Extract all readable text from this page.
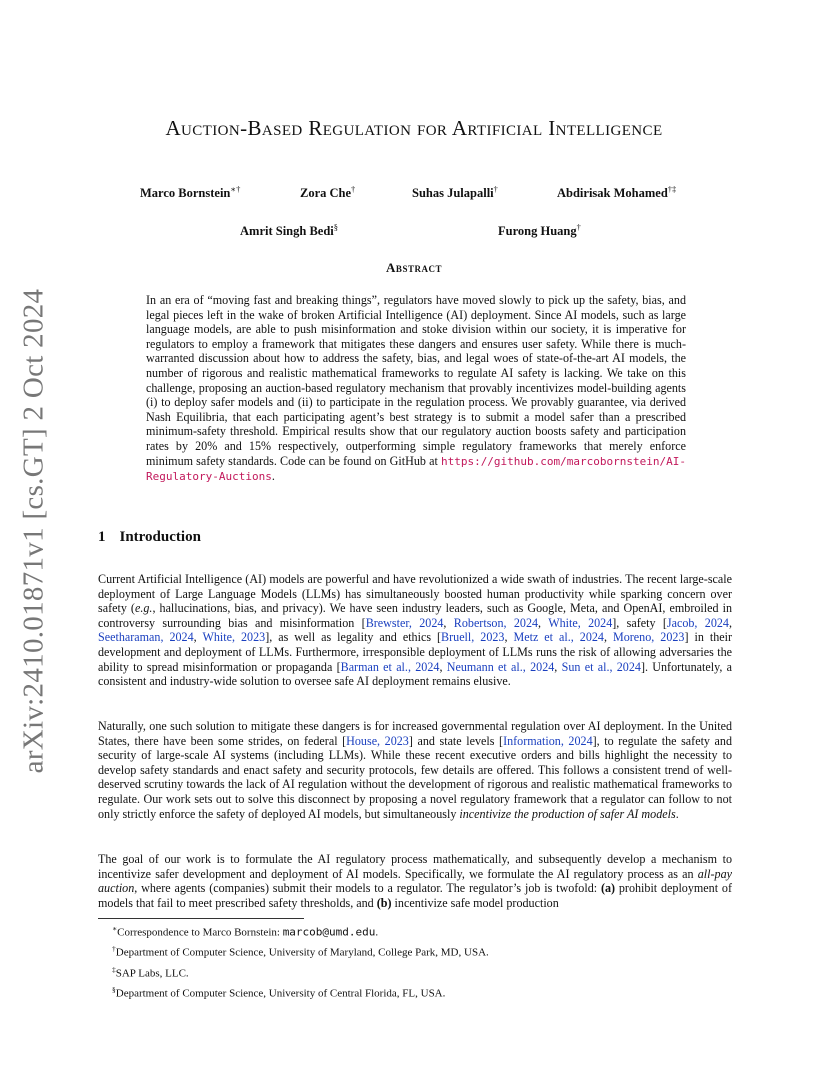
arXiv:2410.01871v1 [cs.GT] 2 Oct 2024
Auction-Based Regulation for Artificial Intelligence
Marco Bornstein∗†	Zora Che†	Suhas Julapalli†	Abdirisak Mohamed†‡
Amrit Singh Bedi§	Furong Huang†
Abstract

In an era of “moving fast and breaking things”, regulators have moved slowly to pick up the safety, bias, and legal pieces left in the wake of broken Artificial Intelligence (AI) deployment. Since AI models, such as large language models, are able to push misinformation and stoke division within our society, it is imperative for regulators to employ a framework that mitigates these dangers and ensures user safety. While there is much-warranted discussion about how to address the safety, bias, and legal woes of state-of-the-art AI models, the number of rigorous and realistic mathematical frameworks to regulate AI safety is lacking. We take on this challenge, proposing an auction-based regulatory mechanism that provably incentivizes model-building agents (i) to deploy safer models and (ii) to participate in the regulation process. We provably guarantee, via derived Nash Equilibria, that each participating agent’s best strategy is to submit a model safer than a prescribed minimum-safety threshold. Empirical results show that our regulatory auction boosts safety and participation rates by 20% and 15% respectively, outperforming simple regulatory frameworks that merely enforce minimum safety standards. Code can be found on GitHub at https://github.com/marcobornstein/AI-Regulatory-Auctions.

1 Introduction

Current Artificial Intelligence (AI) models are powerful and have revolutionized a wide swath of industries. The recent large-scale deployment of Large Language Models (LLMs) has simultaneously boosted human productivity while sparking concern over safety (e.g., hallucinations, bias, and privacy). We have seen industry leaders, such as Google, Meta, and OpenAI, embroiled in controversy surrounding bias and misinformation [Brewster, 2024, Robertson, 2024, White, 2024], safety [Jacob, 2024, Seetharaman, 2024, White, 2023], as well as legality and ethics [Bruell, 2023, Metz et al., 2024, Moreno, 2023] in their development and deployment of LLMs. Furthermore, irresponsible deployment of LLMs runs the risk of allowing adversaries the ability to spread misinformation or propaganda [Barman et al., 2024, Neumann et al., 2024, Sun et al., 2024]. Unfortunately, a consistent and industry-wide solution to oversee safe AI deployment remains elusive.

Naturally, one such solution to mitigate these dangers is for increased governmental regulation over AI deployment. In the United States, there have been some strides, on federal [House, 2023] and state levels [Information, 2024], to regulate the safety and security of large-scale AI systems (including LLMs). While these recent executive orders and bills highlight the necessity to develop safety standards and enact safety and security protocols, few details are offered. This follows a consistent trend of well-deserved scrutiny towards the lack of AI regulation without the development of rigorous and realistic mathematical frameworks to regulate. Our work sets out to solve this disconnect by proposing a novel regulatory framework that a regulator can follow to not only strictly enforce the safety of deployed AI models, but simultaneously incentivize the production of safer AI models.

The goal of our work is to formulate the AI regulatory process mathematically, and subsequently develop a mechanism to incentivize safer development and deployment of AI models. Specifically, we formulate the AI regulatory process as an all-pay auction, where agents (companies) submit their models to a regulator. The regulator’s job is twofold: (a) prohibit deployment of models that fail to meet prescribed safety thresholds, and (b) incentivize safe model production

∗Correspondence to Marco Bornstein: marcob@umd.edu.
†Department of Computer Science, University of Maryland, College Park, MD, USA.
‡SAP Labs, LLC.
§Department of Computer Science, University of Central Florida, FL, USA.
